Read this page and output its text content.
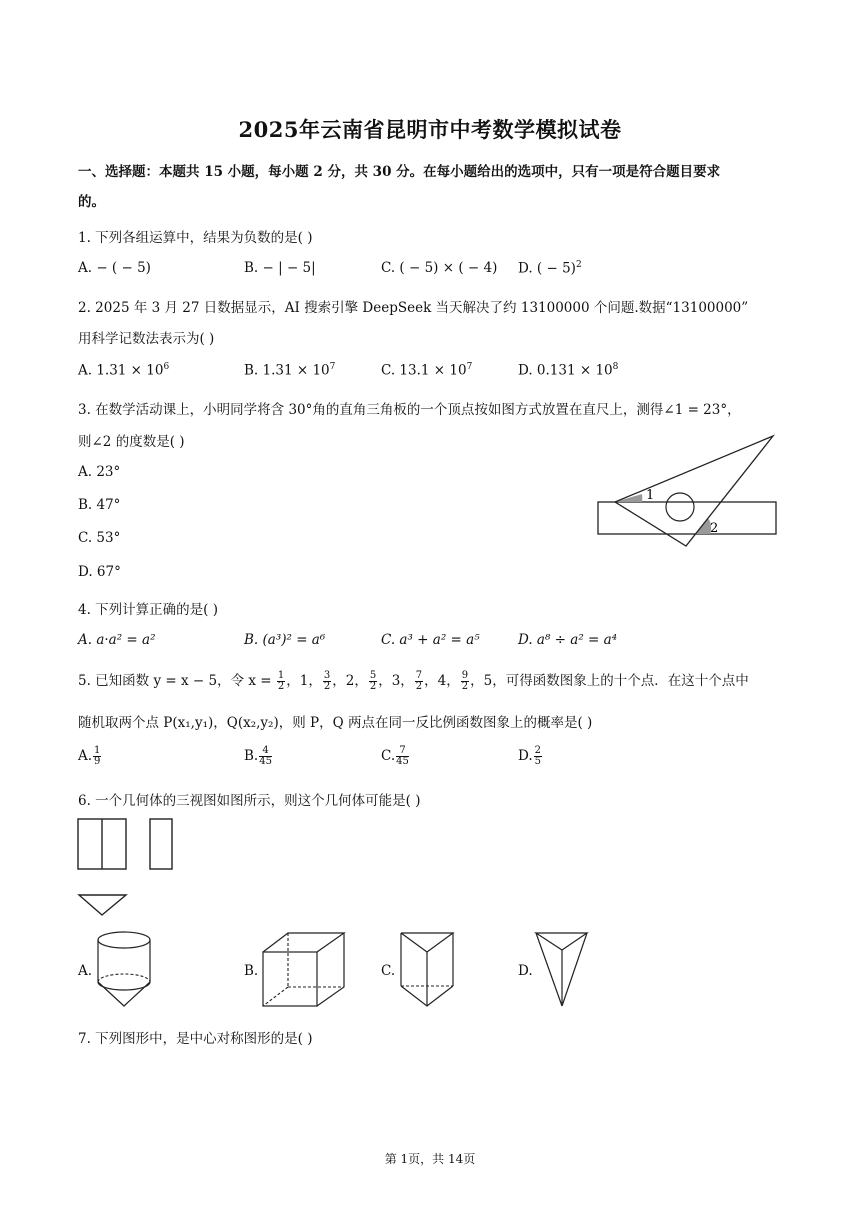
2025年云南省昆明市中考数学模拟试卷
一、选择题：本题共 15 小题，每小题 2 分，共 30 分。在每小题给出的选项中，只有一项是符合题目要求
的。
1. 下列各组运算中，结果为负数的是( )
A. − ( − 5)	B. − | − 5|	C. ( − 5) × ( − 4) D. ( − 5)$^2$
2. 2025 年 3 月 27 日数据显示，AI 搜索引擎 DeepSeek 当天解决了约 13100000 个问题.数据“13100000”
用科学记数法表示为( )
A. $1.31 \times 10^6$	B. $1.31 \times 10^7$	C. $13.1 \times 10^7$	D. $0.131 \times 10^8$
3. 在数学活动课上，小明同学将含 30°角的直角三角板的一个顶点按如图方式放置在直尺上，测得∠1 = 23°，
则∠2 的度数是( )
A. 23°
B. 47°
C. 53°
D. 67°
1
2
4. 下列计算正确的是( )
A. a·a² = a²	B. (a³)² = a⁶	C. a³ + a² = a⁵	D. a⁸ ÷ a² = a⁴
5. 已知函数 y = x − 5，令 $x = \frac{1}{2}$ ，1， $\frac{3}{2}$ ，2， $\frac{5}{2}$ ，3， $\frac{7}{2}$ ，4， $\frac{9}{2}$ ，5，可得函数图象上的十个点．在这十个点中
随机取两个点 P(x₁,y₁)，Q(x₂,y₂)，则 P，Q 两点在同一反比例函数图象上的概率是( )
A. $\frac{1}{9}$	B. $\frac{4}{45}$	C. $\frac{7}{45}$	D. $\frac{2}{5}$
6. 一个几何体的三视图如图所示，则这个几何体可能是( )
A.	B.	C.	D.
7. 下列图形中，是中心对称图形的是( )
第 1页，共 14页
